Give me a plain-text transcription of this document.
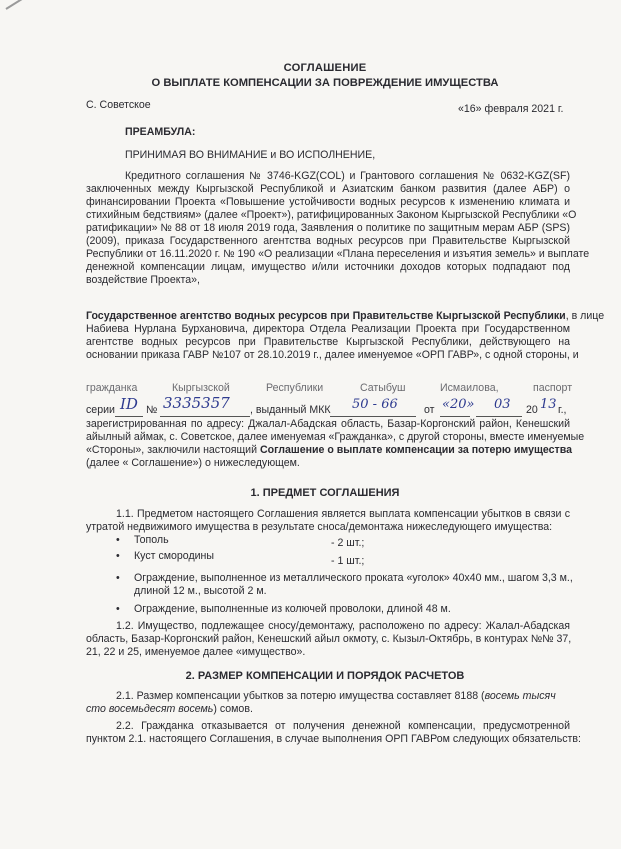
СОГЛАШЕНИЕ
О ВЫПЛАТЕ КОМПЕНСАЦИИ ЗА ПОВРЕЖДЕНИЕ ИМУЩЕСТВА
С. Советское	«16» февраля 2021 г.
ПРЕАМБУЛА:
ПРИНИМАЯ ВО ВНИМАНИЕ и ВО ИСПОЛНЕНИЕ,
Кредитного соглашения № 3746-KGZ(COL) и Грантового соглашения № 0632-KGZ(SF)
заключенных между Кыргызской Республикой и Азиатским банком развития (далее АБР) о
финансировании Проекта «Повышение устойчивости водных ресурсов к изменению климата и
стихийным бедствиям» (далее «Проект»), ратифицированных Законом Кыргызской Республики «О
ратификации» № 88 от 18 июля 2019 года, Заявления о политике по защитным мерам АБР (SPS)
(2009), приказа Государственного агентства водных ресурсов при Правительстве Кыргызской
Республики от 16.11.2020 г. № 190 «О реализации «Плана переселения и изъятия земель» и выплате
денежной компенсации лицам, имущество и/или источники доходов которых подпадают под
воздействие Проекта»,
Государственное агентство водных ресурсов при Правительстве Кыргызской Республики, в лице
Набиева Нурлана Бурхановича, директора Отдела Реализации Проекта при Государственном
агентстве водных ресурсов при Правительстве Кыргызской Республики, действующего на
основании приказа ГАВР №107 от 28.10.2019 г., далее именуемое «ОРП ГАВР», с одной стороны, и
гражданка	Кыргызской	Республики	Сатыбуш	Исмаилова,	паспорт
серии ID № 3335357 , выданный МКК 50 - 66 от «20» 03 20 13 г.,
зарегистрированная по адресу: Джалал-Абадская область, Базар-Коргонский район, Кенешский
айылный аймак, с. Советское, далее именуемая «Гражданка», с другой стороны, вместе именуемые
«Стороны», заключили настоящий Соглашение о выплате компенсации за потерю имущества
(далее « Соглашение») о нижеследующем.
1. ПРЕДМЕТ СОГЛАШЕНИЯ
1.1. Предметом настоящего Соглашения является выплата компенсации убытков в связи с
утратой недвижимого имущества в результате сноса/демонтажа нижеследующего имущества:
• Тополь	- 2 шт.;
• Куст смородины	- 1 шт.;
• Ограждение, выполненное из металлического проката «уголок» 40х40 мм., шагом 3,3 м.,
длиной 12 м., высотой 2 м.
• Ограждение, выполненные из колючей проволоки, длиной 48 м.
1.2. Имущество, подлежащее сносу/демонтажу, расположено по адресу: Жалал-Абадская
область, Базар-Коргонский район, Кенешский айыл окмоту, с. Кызыл-Октябрь, в контурах №№ 37,
21, 22 и 25, именуемое далее «имущество».
2. РАЗМЕР КОМПЕНСАЦИИ И ПОРЯДОК РАСЧЕТОВ
2.1. Размер компенсации убытков за потерю имущества составляет 8188 (восемь тысяч
сто восемьдесят восемь) сомов.
2.2. Гражданка отказывается от получения денежной компенсации, предусмотренной
пунктом 2.1. настоящего Соглашения, в случае выполнения ОРП ГАВРом следующих обязательств:
